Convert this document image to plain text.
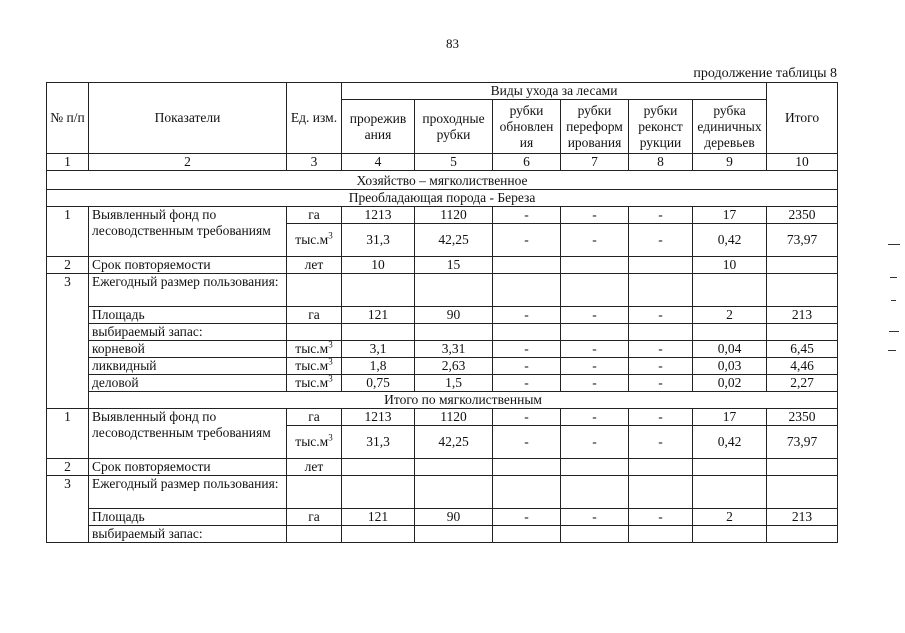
83
продолжение таблицы 8
№ п/п	Показатели	Ед. изм.	Виды ухода за лесами						Итого
			прорежив ания	проходные рубки	рубки обновлен ия	рубки переформ ирования	рубки реконст рукции	рубка единичных деревьев	
1	2	3	4	5	6	7	8	9	10
Хозяйство – мягколиственное									
Преобладающая порода - Береза									
1	Выявленный фонд по лесоводственным требованиям	га	1213	1120	-	-	-	17	2350
		$тыс.м^3$	31,3	42,25	-	-	-	0,42	73,97
2	Срок повторяемости	лет	10	15				10	
3	Ежегодный размер пользования:								
	Площадь	га	121	90	-	-	-	2	213
	выбираемый запас:								
	корневой	$тыс.м^3$	3,1	3,31	-	-	-	0,04	6,45
	ликвидный	$тыс.м^3$	1,8	2,63	-	-	-	0,03	4,46
	деловой	$тыс.м^3$	0,75	1,5	-	-	-	0,02	2,27
	Итого по мягколиственным								
1	Выявленный фонд по лесоводственным требованиям	га	1213	1120	-	-	-	17	2350
		$тыс.м^3$	31,3	42,25	-	-	-	0,42	73,97
2	Срок повторяемости	лет							
3	Ежегодный размер пользования:								
	Площадь	га	121	90	-	-	-	2	213
	выбираемый запас:								
